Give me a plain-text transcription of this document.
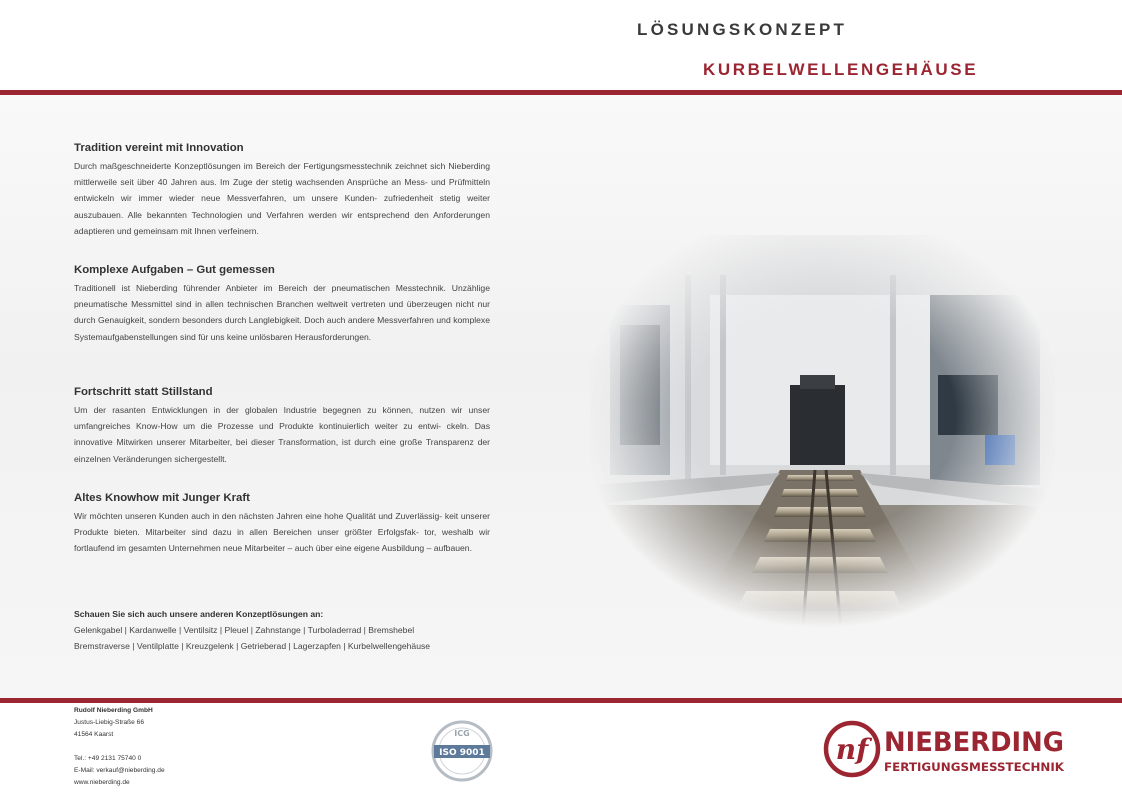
LÖSUNGSKONZEPT
KURBELWELLENGEHÄUSE
Tradition vereint mit Innovation

Durch maßgeschneiderte Konzeptlösungen im Bereich der Fertigungsmesstechnik zeichnet sich Nieberding mittlerweile seit über 40 Jahren aus. Im Zuge der stetig wachsenden Ansprüche an Mess- und Prüfmitteln entwickeln wir immer wieder neue Messverfahren, um unsere Kunden- zufriedenheit stetig weiter auszubauen. Alle bekannten Technologien und Verfahren werden wir entsprechend den Anforderungen adaptieren und gemeinsam mit Ihnen verfeinern.

Komplexe Aufgaben – Gut gemessen

Traditionell ist Nieberding führender Anbieter im Bereich der pneumatischen Messtechnik. Unzählige pneumatische Messmittel sind in allen technischen Branchen weltweit vertreten und überzeugen nicht nur durch Genauigkeit, sondern besonders durch Langlebigkeit. Doch auch andere Messverfahren und komplexe Systemaufgabenstellungen sind für uns keine unlösbaren Herausforderungen.

Fortschritt statt Stillstand

Um der rasanten Entwicklungen in der globalen Industrie begegnen zu können, nutzen wir unser umfangreiches Know-How um die Prozesse und Produkte kontinuierlich weiter zu entwi- ckeln. Das innovative Mitwirken unserer Mitarbeiter, bei dieser Transformation, ist durch eine große Transparenz der einzelnen Veränderungen sichergestellt.

Altes Knowhow mit Junger Kraft

Wir möchten unseren Kunden auch in den nächsten Jahren eine hohe Qualität und Zuverlässig- keit unserer Produkte bieten. Mitarbeiter sind dazu in allen Bereichen unser größter Erfolgsfak- tor, weshalb wir fortlaufend im gesamten Unternehmen neue Mitarbeiter – auch über eine eigene Ausbildung – aufbauen.

Schauen Sie sich auch unsere anderen Konzeptlösungen an:
Gelenkgabel | Kardanwelle | Ventilsitz | Pleuel | Zahnstange | Turboladerrad | Bremshebel
Bremstraverse | Ventilplatte | Kreuzgelenk | Getrieberad | Lagerzapfen | Kurbelwellengehäuse
Rudolf Nieberding GmbH
Justus-Liebig-Straße 66
41564 Kaarst
Tel.: +49 2131 75740 0
E-Mail: verkauf@nieberding.de
www.nieberding.de
ICG
ISO 9001	nf NIEBERDING
FERTIGUNGSMESSTECHNIK
